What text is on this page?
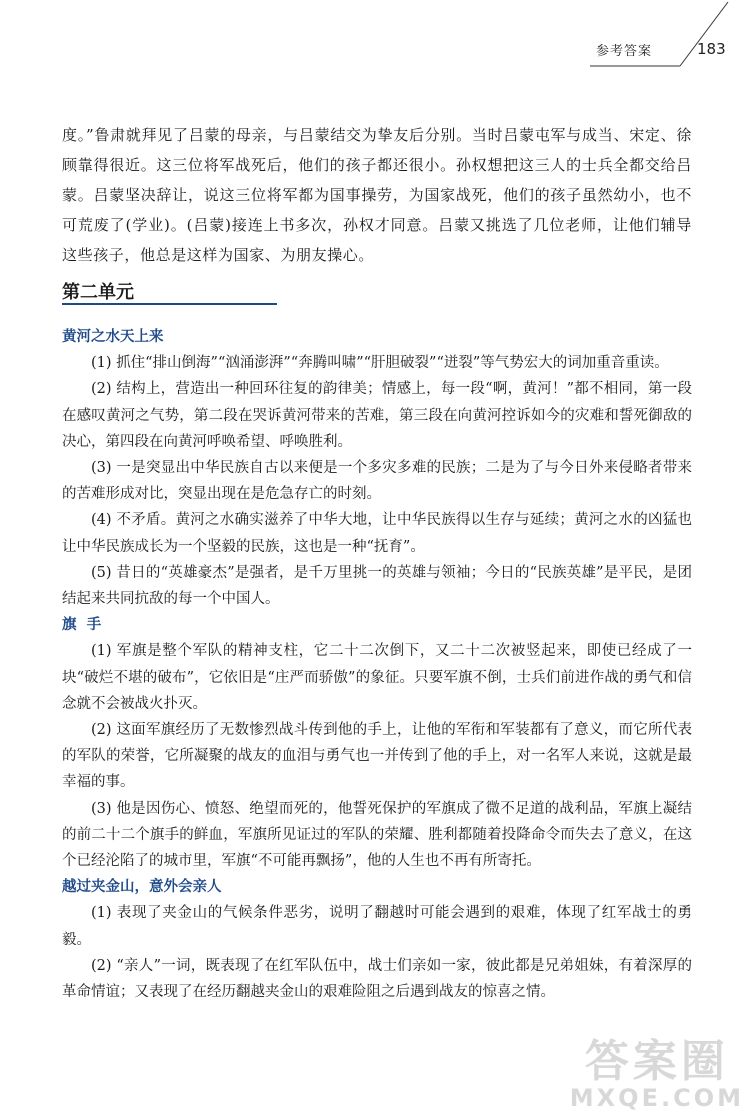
参考答案	183

度。”鲁肃就拜见了吕蒙的母亲，与吕蒙结交为挚友后分别。当时吕蒙屯军与成当、宋定、徐顾靠得很近。这三位将军战死后，他们的孩子都还很小。孙权想把这三人的士兵全都交给吕蒙。吕蒙坚决辞让，说这三位将军都为国事操劳，为国家战死，他们的孩子虽然幼小，也不可荒废了(学业)。(吕蒙)接连上书多次，孙权才同意。吕蒙又挑选了几位老师，让他们辅导这些孩子，他总是这样为国家、为朋友操心。

第二单元
黄河之水天上来

(1) 抓住“排山倒海”“汹涌澎湃”“奔腾叫啸”“肝胆破裂”“迸裂”等气势宏大的词加重音重读。

(2) 结构上，营造出一种回环往复的韵律美；情感上，每一段“啊，黄河！”都不相同，第一段在感叹黄河之气势，第二段在哭诉黄河带来的苦难，第三段在向黄河控诉如今的灾难和誓死御敌的决心，第四段在向黄河呼唤希望、呼唤胜利。

(3) 一是突显出中华民族自古以来便是一个多灾多难的民族；二是为了与今日外来侵略者带来的苦难形成对比，突显出现在是危急存亡的时刻。

(4) 不矛盾。黄河之水确实滋养了中华大地，让中华民族得以生存与延续；黄河之水的凶猛也让中华民族成长为一个坚毅的民族，这也是一种“抚育”。

(5) 昔日的“英雄豪杰”是强者，是千万里挑一的英雄与领袖；今日的“民族英雄”是平民，是团结起来共同抗敌的每一个中国人。

旗  手

(1) 军旗是整个军队的精神支柱，它二十二次倒下，又二十二次被竖起来，即使已经成了一块“破烂不堪的破布”，它依旧是“庄严而骄傲”的象征。只要军旗不倒，士兵们前进作战的勇气和信念就不会被战火扑灭。

(2) 这面军旗经历了无数惨烈战斗传到他的手上，让他的军衔和军装都有了意义，而它所代表的军队的荣誉，它所凝聚的战友的血泪与勇气也一并传到了他的手上，对一名军人来说，这就是最幸福的事。

(3) 他是因伤心、愤怒、绝望而死的，他誓死保护的军旗成了微不足道的战利品，军旗上凝结的前二十二个旗手的鲜血，军旗所见证过的军队的荣耀、胜利都随着投降命令而失去了意义，在这个已经沦陷了的城市里，军旗“不可能再飘扬”，他的人生也不再有所寄托。

越过夹金山，意外会亲人

(1) 表现了夹金山的气候条件恶劣，说明了翻越时可能会遇到的艰难，体现了红军战士的勇毅。

(2) “亲人”一词，既表现了在红军队伍中，战士们亲如一家，彼此都是兄弟姐妹，有着深厚的革命情谊；又表现了在经历翻越夹金山的艰难险阻之后遇到战友的惊喜之情。

答案圈
MXQE.COM
